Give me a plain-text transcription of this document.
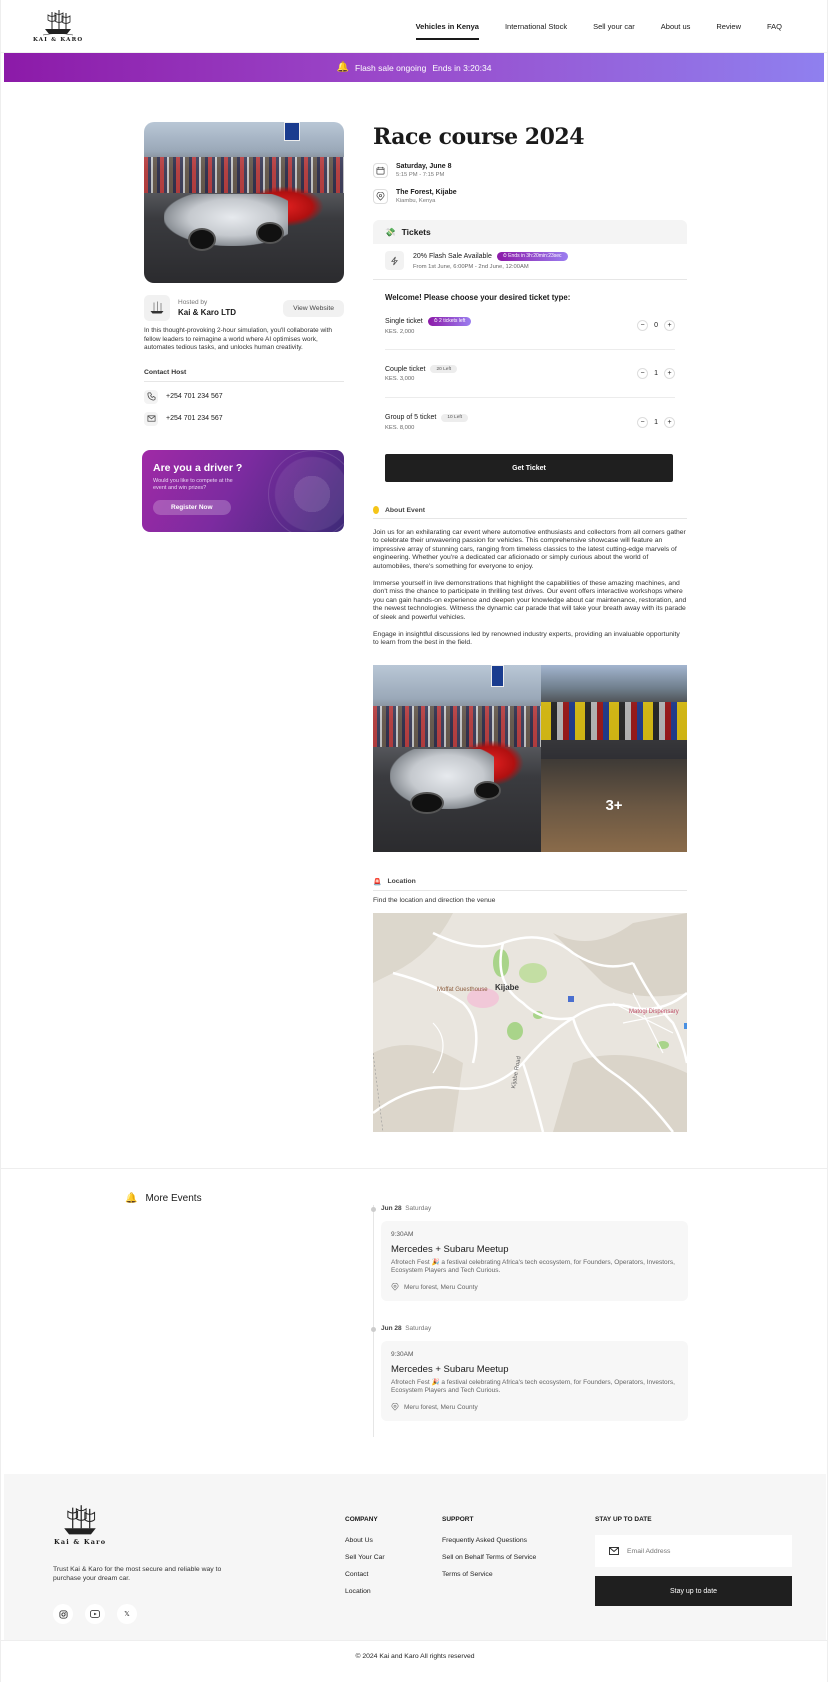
KAI & KARO
Vehicles in Kenya	International Stock	Sell your car	About us	Review	FAQ
🔔 Flash sale ongoing Ends in 3:20:34
Hosted by
Kai & Karo LTD	View Website

In this thought-provoking 2-hour simulation, you'll collaborate with fellow leaders to reimagine a world where AI optimises work, automates tedious tasks, and unlocks human creativity.

Contact Host
+254 701 234 567
+254 701 234 567
Are you a driver ?
Would you like to compete at the event and win prizes?
Register Now
Race course 2024
Saturday, June 8
5:15 PM - 7:15 PM
The Forest, Kijabe
Kiambu, Kenya
💸 Tickets
20% Flash Sale Available	⏱ Ends in 3h:20min:23sec
From 1st June, 6:00PM - 2nd June, 12:00AM
Welcome! Please choose your desired ticket type:
Single ticket	⏱ 2 tickets left
KES. 2,000
−	0	+
Couple ticket	20 Left
KES. 3,000
−	1	+
Group of 5 ticket	10 Left
KES. 8,000
−	1	+
Get Ticket
About Event

Join us for an exhilarating car event where automotive enthusiasts and collectors from all corners gather to celebrate their unwavering passion for vehicles. This comprehensive showcase will feature an impressive array of stunning cars, ranging from timeless classics to the latest cutting-edge marvels of engineering. Whether you're a dedicated car aficionado or simply curious about the world of automobiles, there's something for everyone to enjoy.

Immerse yourself in live demonstrations that highlight the capabilities of these amazing machines, and don't miss the chance to participate in thrilling test drives. Our event offers interactive workshops where you can gain hands-on experience and deepen your knowledge about car maintenance, restoration, and the newest technologies. Witness the dynamic car parade that will take your breath away with its parade of sleek and powerful vehicles.

Engage in insightful discussions led by renowned industry experts, providing an invaluable opportunity to learn from the best in the field.

3+
🚨 Location
Find the location and direction the venue
Kijabe
Moffat Guesthouse
Matogi Dispensary
Kijabe Road
🔔 More Events
Jun 28 Saturday
9:30AM
Mercedes + Subaru Meetup
Afrotech Fest 🎉 a festival celebrating Africa's tech ecosystem, for Founders, Operators, Investors, Ecosystem Players and Tech Curious.
Meru forest, Meru County
Jun 28 Saturday
9:30AM
Mercedes + Subaru Meetup
Afrotech Fest 🎉 a festival celebrating Africa's tech ecosystem, for Founders, Operators, Investors, Ecosystem Players and Tech Curious.
Meru forest, Meru County
Kai & Karo

Trust Kai & Karo for the most secure and reliable way to purchase your dream car.

𝕏
COMPANY
About Us
Sell Your Car
Contact
Location
SUPPORT
Frequently Asked Questions
Sell on Behalf Terms of Service
Terms of Service
STAY UP TO DATE
Email Address
Stay up to date
© 2024 Kai and Karo All rights reserved
